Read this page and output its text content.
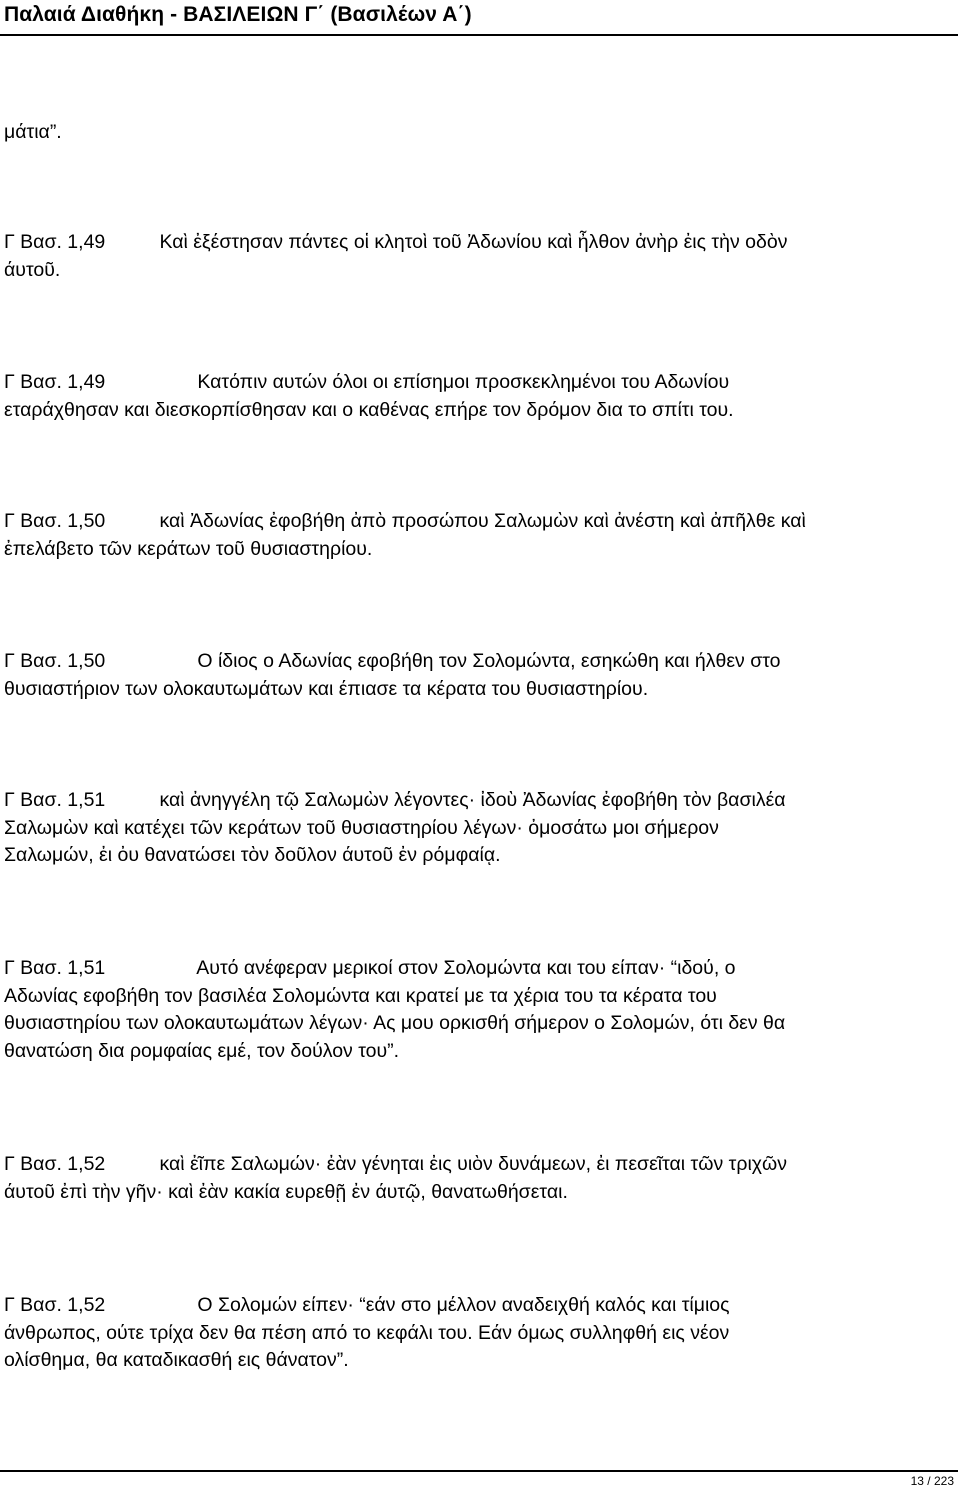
Παλαιά Διαθήκη - ΒΑΣΙΛΕΙΩΝ Γ΄ (Βασιλέων Α΄)

μάτια”.

Γ Βασ. 1,49          Καὶ ἐξέστησαν πάντες οἱ κλητοὶ τοῦ Ἀδωνίου καὶ ἦλθον ἀνὴρ ἐις τὴν οδὸν
άυτοῦ.

Γ Βασ. 1,49                 Κατόπιν αυτών όλοι οι επίσημοι προσκεκλημένοι του Αδωνίου
εταράχθησαν και διεσκορπίσθησαν και ο καθένας επήρε τον δρόμον δια το σπίτι του.

Γ Βασ. 1,50          καὶ Ἀδωνίας ἐφοβήθη ἀπὸ προσώπου Σαλωμὼν καὶ ἀνέστη καὶ ἀπῆλθε καὶ
ἐπελάβετο τῶν κεράτων τοῦ θυσιαστηρίου.

Γ Βασ. 1,50                 Ο ίδιος ο Αδωνίας εφοβήθη τον Σολομώντα, εσηκώθη και ήλθεν στο
θυσιαστήριον των ολοκαυτωμάτων και έπιασε τα κέρατα του θυσιαστηρίου.

Γ Βασ. 1,51          καὶ ἀνηγγέλη τῷ Σαλωμὼν λέγοντες· ἰδοὺ Ἀδωνίας ἐφοβήθη τὸν βασιλέα
Σαλωμὼν καὶ κατέχει τῶν κεράτων τοῦ θυσιαστηρίου λέγων· ὀμοσάτω μοι σήμερον
Σαλωμών, ἐι ὀυ θανατώσει τὸν δοῦλον άυτοῦ ἐν ρόμφαίᾳ.

Γ Βασ. 1,51                 Αυτό ανέφεραν μερικοί στον Σολομώντα και του είπαν· “ιδού, ο
Αδωνίας εφοβήθη τον βασιλέα Σολομώντα και κρατεί με τα χέρια του τα κέρατα του
θυσιαστηρίου των ολοκαυτωμάτων λέγων· Ας μου ορκισθή σήμερον ο Σολομών, ότι δεν θα
θανατώση δια ρομφαίας εμέ, τον δούλον του”.

Γ Βασ. 1,52          καὶ ἐῖπε Σαλωμών· ἐὰν γένηται ἐις υιὸν δυνάμεων, ἐι πεσεῖται τῶν τριχῶν
άυτοῦ ἐπὶ τὴν γῆν· καὶ ἐὰν κακία ευρεθῇ ἐν άυτῷ, θανατωθήσεται.

Γ Βασ. 1,52                 Ο Σολομών είπεν· “εάν στο μέλλον αναδειχθή καλός και τίμιος
άνθρωπος, ούτε τρίχα δεν θα πέση από το κεφάλι του. Εάν όμως συλληφθή εις νέον
ολίσθημα, θα καταδικασθή εις θάνατον”.

13 / 223
